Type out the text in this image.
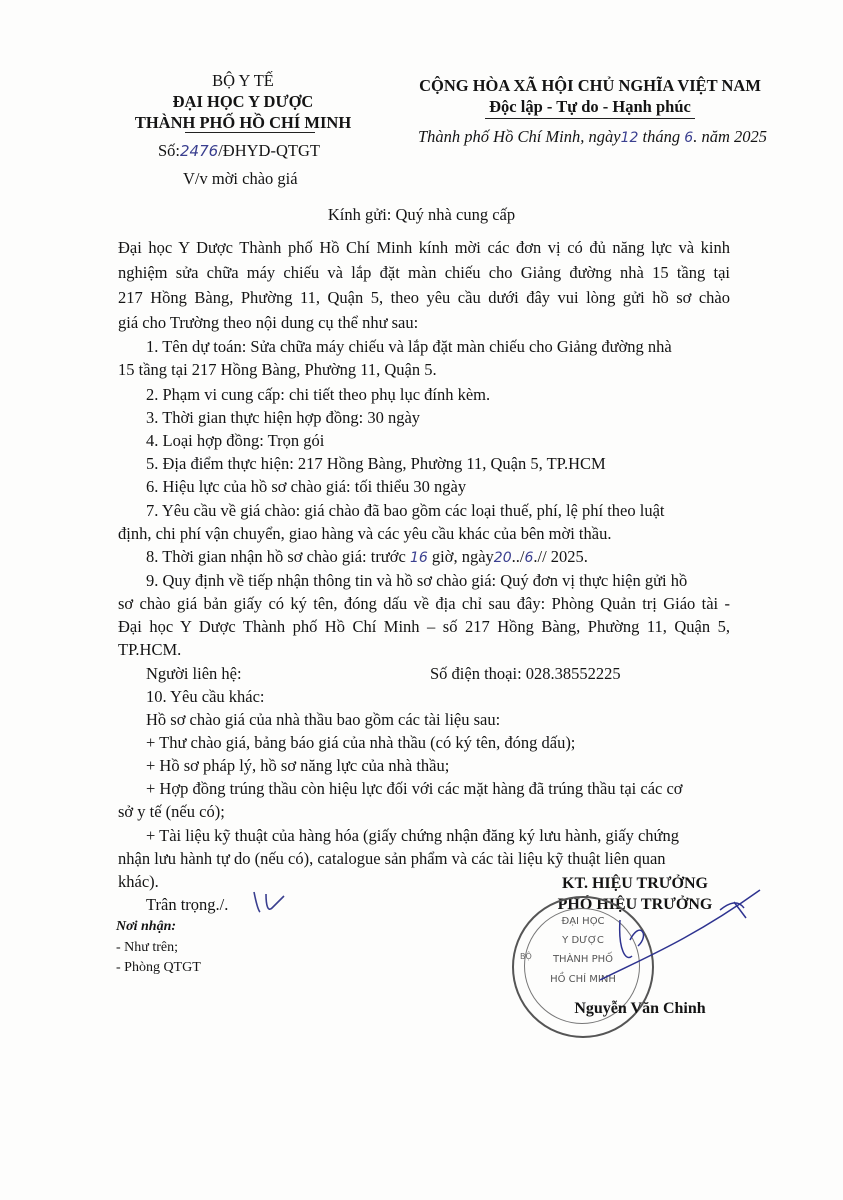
BỘ Y TẾ
ĐẠI HỌC Y DƯỢC
THÀNH PHỐ HỒ CHÍ MINH
Số:2476/ĐHYD-QTGT
V/v mời chào giá
CỘNG HÒA XÃ HỘI CHỦ NGHĨA VIỆT NAM
Độc lập - Tự do - Hạnh phúc
Thành phố Hồ Chí Minh, ngày12 tháng 6. năm 2025
Kính gửi: Quý nhà cung cấp
Đại học Y Dược Thành phố Hồ Chí Minh kính mời các đơn vị có đủ năng lực và kinh
nghiệm sửa chữa máy chiếu và lắp đặt màn chiếu cho Giảng đường nhà 15 tầng tại
217 Hồng Bàng, Phường 11, Quận 5, theo yêu cầu dưới đây vui lòng gửi hồ sơ chào
giá cho Trường theo nội dung cụ thể như sau:
1. Tên dự toán: Sửa chữa máy chiếu và lắp đặt màn chiếu cho Giảng đường nhà
15 tầng tại 217 Hồng Bàng, Phường 11, Quận 5.
2. Phạm vi cung cấp: chi tiết theo phụ lục đính kèm.
3. Thời gian thực hiện hợp đồng: 30 ngày
4. Loại hợp đồng: Trọn gói
5. Địa điểm thực hiện: 217 Hồng Bàng, Phường 11, Quận 5, TP.HCM
6. Hiệu lực của hồ sơ chào giá: tối thiểu 30 ngày
7. Yêu cầu về giá chào: giá chào đã bao gồm các loại thuế, phí, lệ phí theo luật
định, chi phí vận chuyển, giao hàng và các yêu cầu khác của bên mời thầu.
8. Thời gian nhận hồ sơ chào giá: trước 16 giờ, ngày20../6.// 2025.
9. Quy định về tiếp nhận thông tin và hồ sơ chào giá: Quý đơn vị thực hiện gửi hồ
sơ chào giá bản giấy có ký tên, đóng dấu về địa chỉ sau đây: Phòng Quản trị Giáo tài -
Đại học Y Dược Thành phố Hồ Chí Minh – số 217 Hồng Bàng, Phường 11, Quận 5,
TP.HCM.
Người liên hệ:	Số điện thoại: 028.38552225
10. Yêu cầu khác:
Hồ sơ chào giá của nhà thầu bao gồm các tài liệu sau:
+ Thư chào giá, bảng báo giá của nhà thầu (có ký tên, đóng dấu);
+ Hồ sơ pháp lý, hồ sơ năng lực của nhà thầu;
+ Hợp đồng trúng thầu còn hiệu lực đối với các mặt hàng đã trúng thầu tại các cơ
sở y tế (nếu có);
+ Tài liệu kỹ thuật của hàng hóa (giấy chứng nhận đăng ký lưu hành, giấy chứng
nhận lưu hành tự do (nếu có), catalogue sản phẩm và các tài liệu kỹ thuật liên quan
khác).
Trân trọng./.
Nơi nhận:
- Như trên;
- Phòng QTGT
KT. HIỆU TRƯỞNG
PHÓ HIỆU TRƯỞNG
ĐẠI HỌC
Y DƯỢC
THÀNH PHỐ
HỒ CHÍ MINH
BỘ
Nguyễn Văn Chinh
